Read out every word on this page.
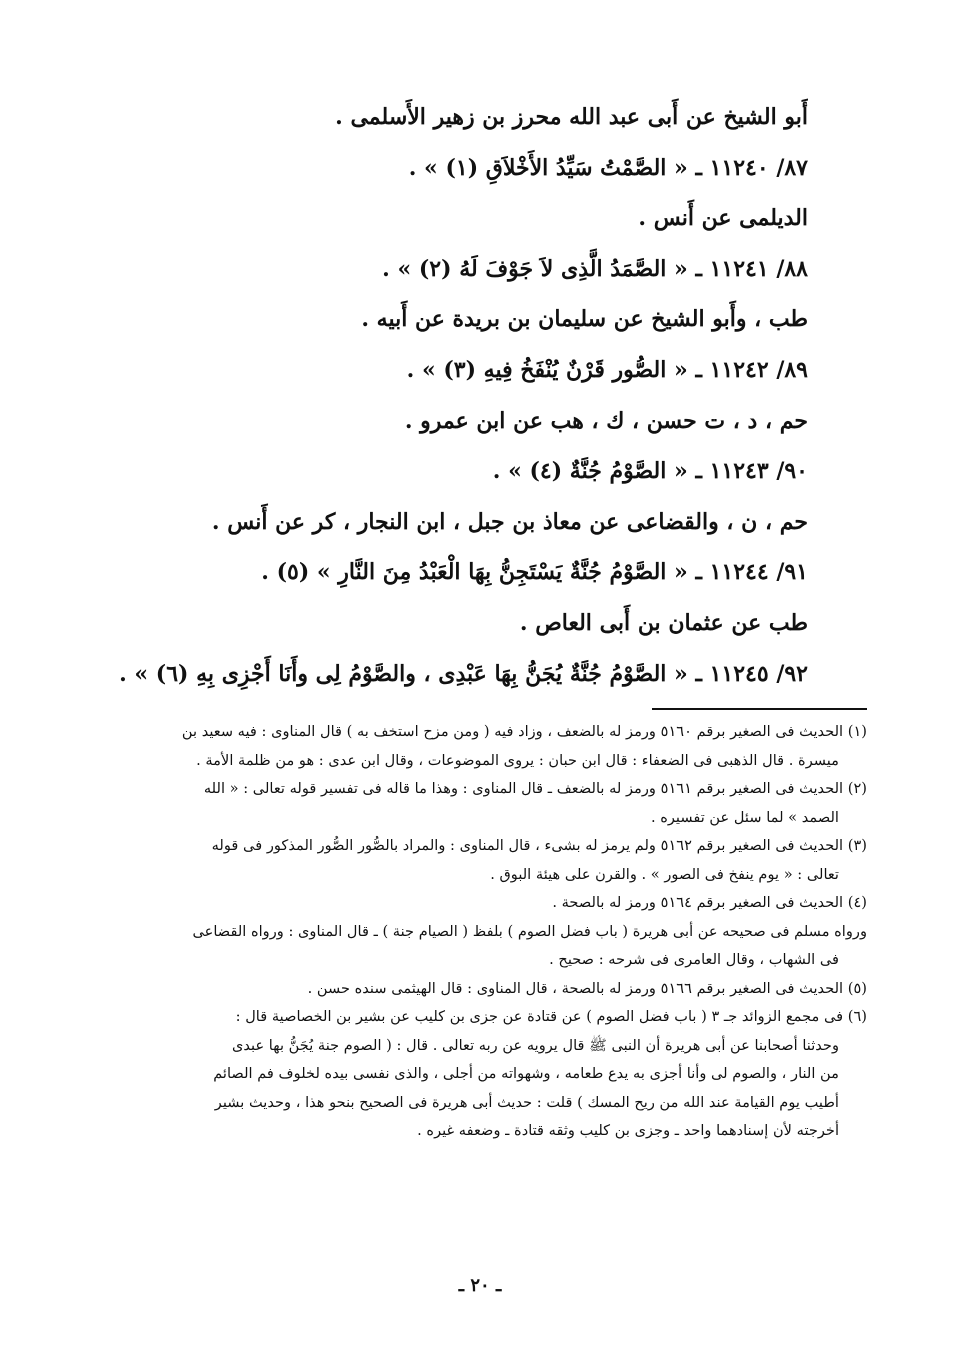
أَبو الشيخ عن أَبى عبد الله محرز بن زهير الأَسلمى .
٨٧/ ١١٢٤٠ ـ « الصَّمْتُ سَيِّدُ الأَخْلاَقِ (١) » .
الديلمى عن أَنس .
٨٨/ ١١٢٤١ ـ « الصَّمَدُ الَّذِى لاَ جَوْفَ لَهُ (٢) » .
طب ، وأَبو الشيخ عن سليمان بن بريدة عن أَبيه .
٨٩/ ١١٢٤٢ ـ « الصُّور قَرْنٌ يُنْفَخُ فِيهِ (٣) » .
حم ، د ، ت حسن ، ك ، هب عن ابن عمرو .
٩٠/ ١١٢٤٣ ـ « الصَّوْمُ جُنَّةٌ (٤) » .
حم ، ن ، والقضاعى عن معاذ بن جبل ، ابن النجار ، كر عن أَنس .
٩١/ ١١٢٤٤ ـ « الصَّوْمُ جُنَّةٌ يَسْتَجِنُّ بِهَا الْعَبْدُ مِنَ النَّارِ » (٥) .
طب عن عثمان بن أَبى العاص .
٩٢/ ١١٢٤٥ ـ « الصَّوْمُ جُنَّةٌ يُجَنُّ بِهَا عَبْدِى ، والصَّوْمُ لِى وأَنَا أَجْزِى بِهِ (٦) » .
(١) الحديث فى الصغير برقم ٥١٦٠ ورمز له بالضعف ، وزاد فيه ( ومن مزح استخف به ) قال المناوى : فيه سعيد بن
ميسرة . قال الذهبى فى الضعفاء : قال ابن حبان : يروى الموضوعات ، وقال ابن عدى : هو من ظلمة الأمة .
(٢) الحديث فى الصغير برقم ٥١٦١ ورمز له بالضعف ـ قال المناوى : وهذا ما قاله فى تفسير قوله تعالى : « الله
الصمد » لما سئل عن تفسيره .
(٣) الحديث فى الصغير برقم ٥١٦٢ ولم يرمز له بشىء ، قال المناوى : والمراد بالصُّور الصُّور المذكور فى قوله
تعالى : « يوم ينفخ فى الصور » . والقرن على هيئة البوق .
(٤) الحديث فى الصغير برقم ٥١٦٤ ورمز له بالصحة .
ورواه مسلم فى صحيحه عن أبى هريرة ( باب فضل الصوم ) بلفظ ( الصيام جنة ) ـ قال المناوى : ورواه القضاعى
فى الشهاب ، وقال العامرى فى شرحه : صحيح .
(٥) الحديث فى الصغير برقم ٥١٦٦ ورمز له بالصحة ، قال المناوى : قال الهيثمى سنده حسن .
(٦) فى مجمع الزوائد جـ ٣ ( باب فضل الصوم ) عن قتادة عن جزى بن كليب عن بشير بن الخصاصية قال :
وحدثنا أصحابنا عن أبى هريرة أن النبى ﷺ قال يرويه عن ربه تعالى . قال : ( الصوم جنة يُجَنُّ بها عبدى
من النار ، والصوم لى وأنا أجزى به يدع طعامه ، وشهواته من أجلى ، والذى نفسى بيده لخلوف فم الصائم
أطيب يوم القيامة عند الله من ريح المسك ) قلت : حديث أبى هريرة فى الصحيح بنحو هذا ، وحديث بشير
أخرجته لأن إسنادهما واحد ـ وجزى بن كليب وثقه قتادة ـ وضعفه غيره .
ـ ٢٠ ـ
